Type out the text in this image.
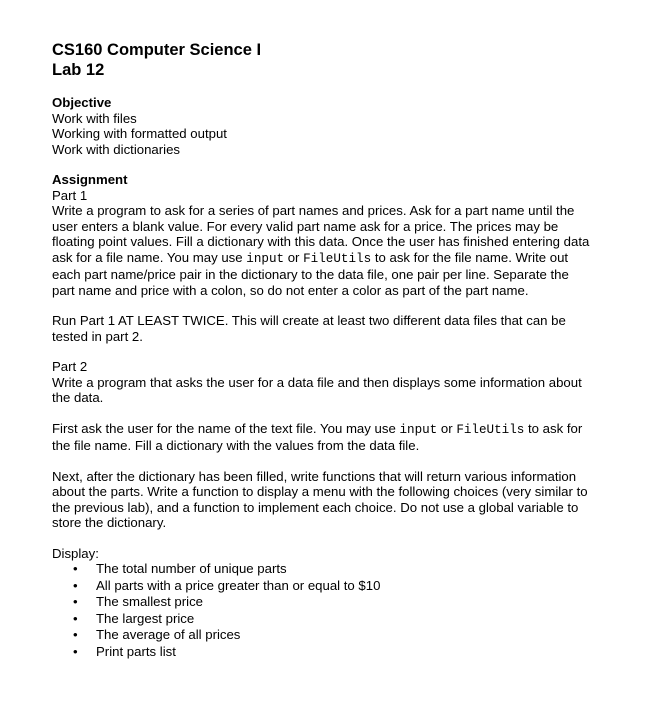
CS160 Computer Science I
Lab 12
Objective
Work with files
Working with formatted output
Work with dictionaries
Assignment
Part 1

Write a program to ask for a series of part names and prices. Ask for a part name until the user enters a blank value. For every valid part name ask for a price. The prices may be floating point values. Fill a dictionary with this data. Once the user has finished entering data ask for a file name. You may use input or FileUtils to ask for the file name. Write out each part name/price pair in the dictionary to the data file, one pair per line. Separate the part name and price with a colon, so do not enter a color as part of the part name.

Run Part 1 AT LEAST TWICE. This will create at least two different data files that can be tested in part 2.

Part 2

Write a program that asks the user for a data file and then displays some information about the data.

First ask the user for the name of the text file. You may use input or FileUtils to ask for the file name. Fill a dictionary with the values from the data file.

Next, after the dictionary has been filled, write functions that will return various information about the parts. Write a function to display a menu with the following choices (very similar to the previous lab), and a function to implement each choice. Do not use a global variable to store the dictionary.

Display:
• The total number of unique parts
• All parts with a price greater than or equal to $10
• The smallest price
• The largest price
• The average of all prices
• Print parts list
